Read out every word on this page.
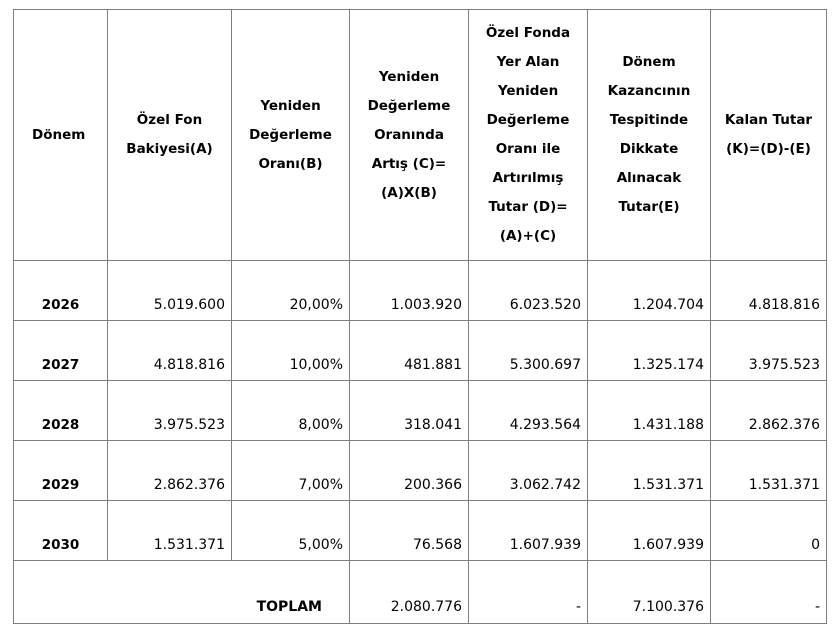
Dönem	Özel Fon Bakiyesi(A)	Yeniden Değerleme Oranı(B)	Yeniden Değerleme Oranında Artış (C)=(A)X(B)	Özel Fonda Yer Alan Yeniden Değerleme Oranı ile Artırılmış Tutar (D)=(A)+(C)	Dönem Kazancının Tespitinde Dikkate Alınacak Tutar(E)	Kalan Tutar (K)=(D)-(E)
2026	5.019.600	20,00%	1.003.920	6.023.520	1.204.704	4.818.816
2027	4.818.816	10,00%	481.881	5.300.697	1.325.174	3.975.523
2028	3.975.523	8,00%	318.041	4.293.564	1.431.188	2.862.376
2029	2.862.376	7,00%	200.366	3.062.742	1.531.371	1.531.371
2030	1.531.371	5,00%	76.568	1.607.939	1.607.939	0
TOPLAM			2.080.776	-	7.100.376	-
